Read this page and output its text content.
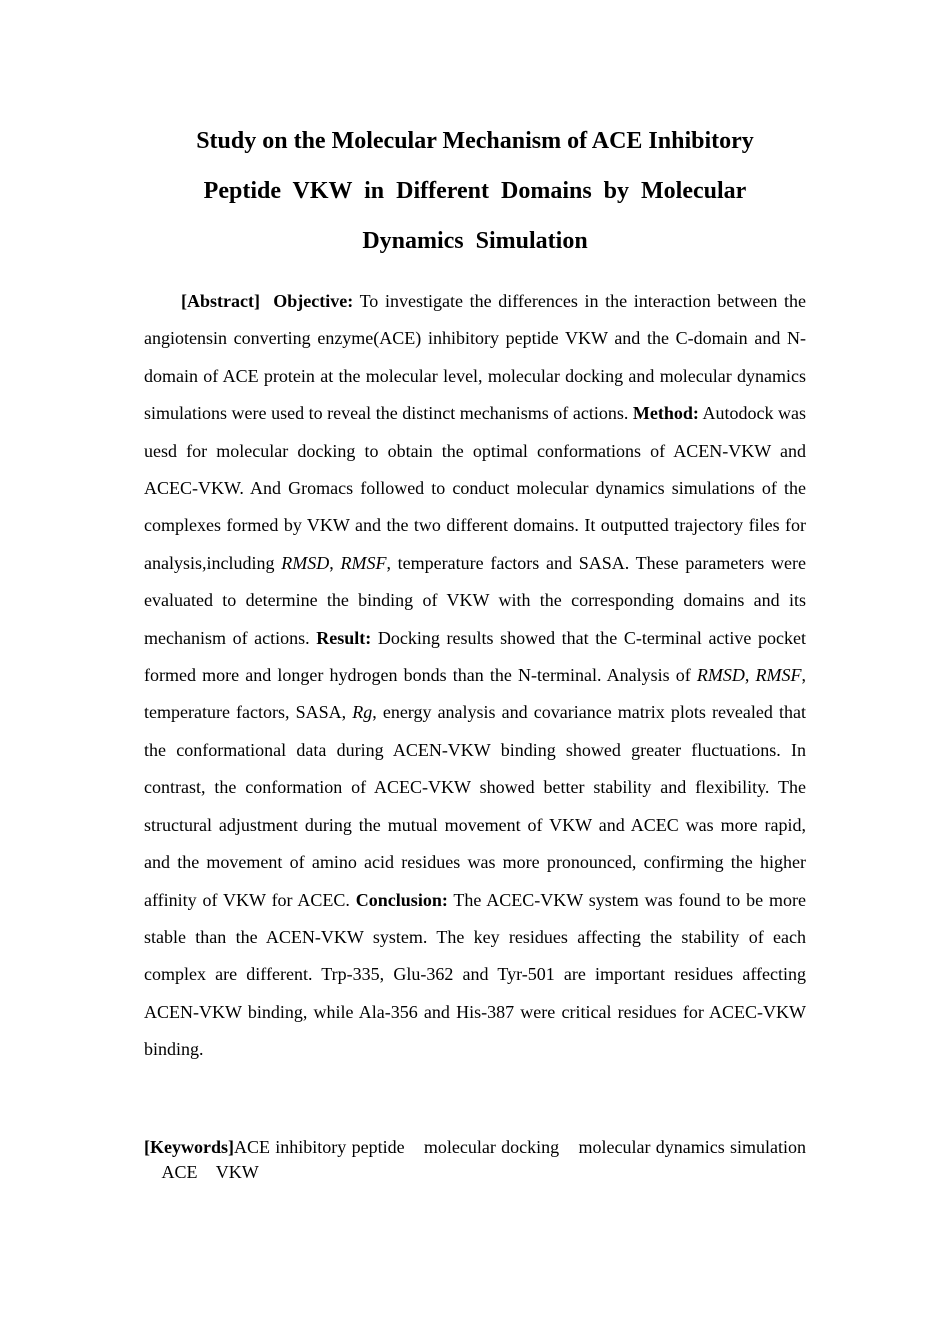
Study on the Molecular Mechanism of ACE Inhibitory
Peptide VKW in Different Domains by Molecular
Dynamics Simulation

[Abstract] Objective: To investigate the differences in the interaction between the angiotensin converting enzyme(ACE) inhibitory peptide VKW and the C-domain and N-domain of ACE protein at the molecular level, molecular docking and molecular dynamics simulations were used to reveal the distinct mechanisms of actions. Method: Autodock was uesd for molecular docking to obtain the optimal conformations of ACEN-VKW and ACEC-VKW. And Gromacs followed to conduct molecular dynamics simulations of the complexes formed by VKW and the two different domains. It outputted trajectory files for analysis,including RMSD, RMSF, temperature factors and SASA. These parameters were evaluated to determine the binding of VKW with the corresponding domains and its mechanism of actions. Result: Docking results showed that the C-terminal active pocket formed more and longer hydrogen bonds than the N-terminal. Analysis of RMSD, RMSF, temperature factors, SASA, Rg, energy analysis and covariance matrix plots revealed that the conformational data during ACEN-VKW binding showed greater fluctuations. In contrast, the conformation of ACEC-VKW showed better stability and flexibility. The structural adjustment during the mutual movement of VKW and ACEC was more rapid, and the movement of amino acid residues was more pronounced, confirming the higher affinity of VKW for ACEC. Conclusion: The ACEC-VKW system was found to be more stable than the ACEN-VKW system. The key residues affecting the stability of each complex are different. Trp-335, Glu-362 and Tyr-501 are important residues affecting ACEN-VKW binding, while Ala-356 and His-387 were critical residues for ACEC-VKW binding.

[Keywords]ACE inhibitory peptide molecular docking molecular dynamics simulation ACE VKW
